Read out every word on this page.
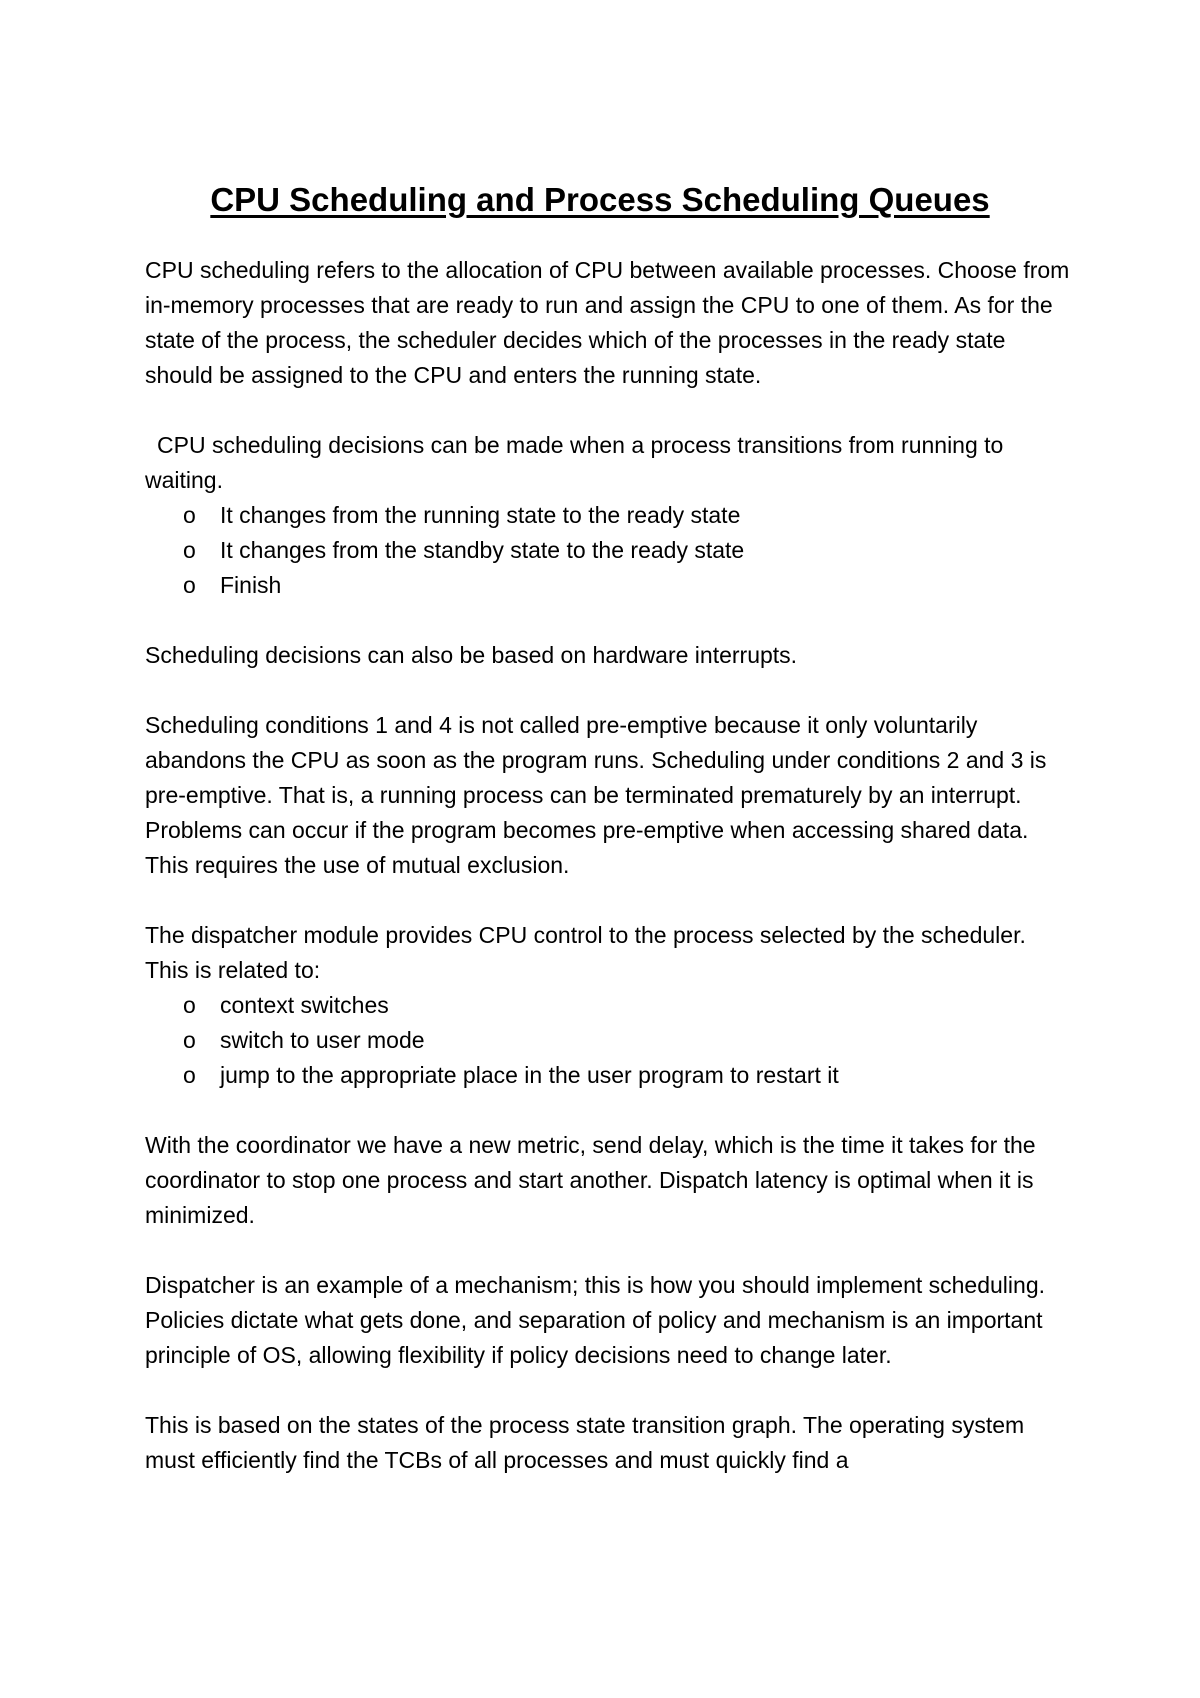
CPU Scheduling and Process Scheduling Queues

CPU scheduling refers to the allocation of CPU between available processes. Choose from in-memory processes that are ready to run and assign the CPU to one of them. As for the state of the process, the scheduler decides which of the processes in the ready state should be assigned to the CPU and enters the running state.

CPU scheduling decisions can be made when a process transitions from running to waiting.

o It changes from the running state to the ready state
o It changes from the standby state to the ready state
o Finish

Scheduling decisions can also be based on hardware interrupts.

Scheduling conditions 1 and 4 is not called pre-emptive because it only voluntarily abandons the CPU as soon as the program runs. Scheduling under conditions 2 and 3 is pre-emptive. That is, a running process can be terminated prematurely by an interrupt. Problems can occur if the program becomes pre-emptive when accessing shared data. This requires the use of mutual exclusion.

The dispatcher module provides CPU control to the process selected by the scheduler. This is related to:

o context switches
o switch to user mode
o jump to the appropriate place in the user program to restart it

With the coordinator we have a new metric, send delay, which is the time it takes for the coordinator to stop one process and start another. Dispatch latency is optimal when it is minimized.

Dispatcher is an example of a mechanism; this is how you should implement scheduling. Policies dictate what gets done, and separation of policy and mechanism is an important principle of OS, allowing flexibility if policy decisions need to change later.

This is based on the states of the process state transition graph. The operating system must efficiently find the TCBs of all processes and must quickly find a
